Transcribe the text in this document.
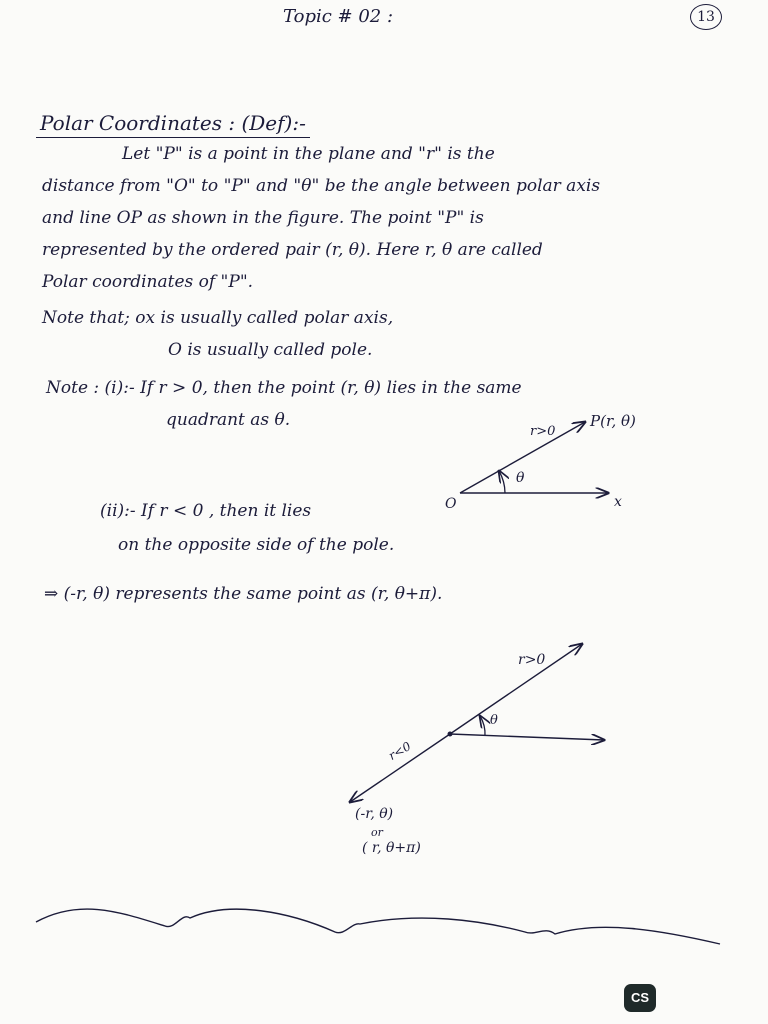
Topic # 02 :	13
Polar Coordinates : (Def):-
Let "P" is a point in the plane and "r" is the
distance from "O" to "P" and "θ" be the angle between polar axis
and line OP as shown in the figure. The point "P" is
represented by the ordered pair (r, θ). Here r, θ are called
Polar coordinates of "P".
Note that; ox is usually called polar axis,
O is usually called pole.
Note : (i):- If r > 0, then the point (r, θ) lies in the same
quadrant as θ.
(ii):- If r < 0 , then it lies
on the opposite side of the pole.
⇒ (-r, θ) represents the same point as (r, θ+π).
P(r, θ)
r>0
θ
O	x
r>0
θ
r<0
(-r, θ)
or
( r, θ+π)
CS
